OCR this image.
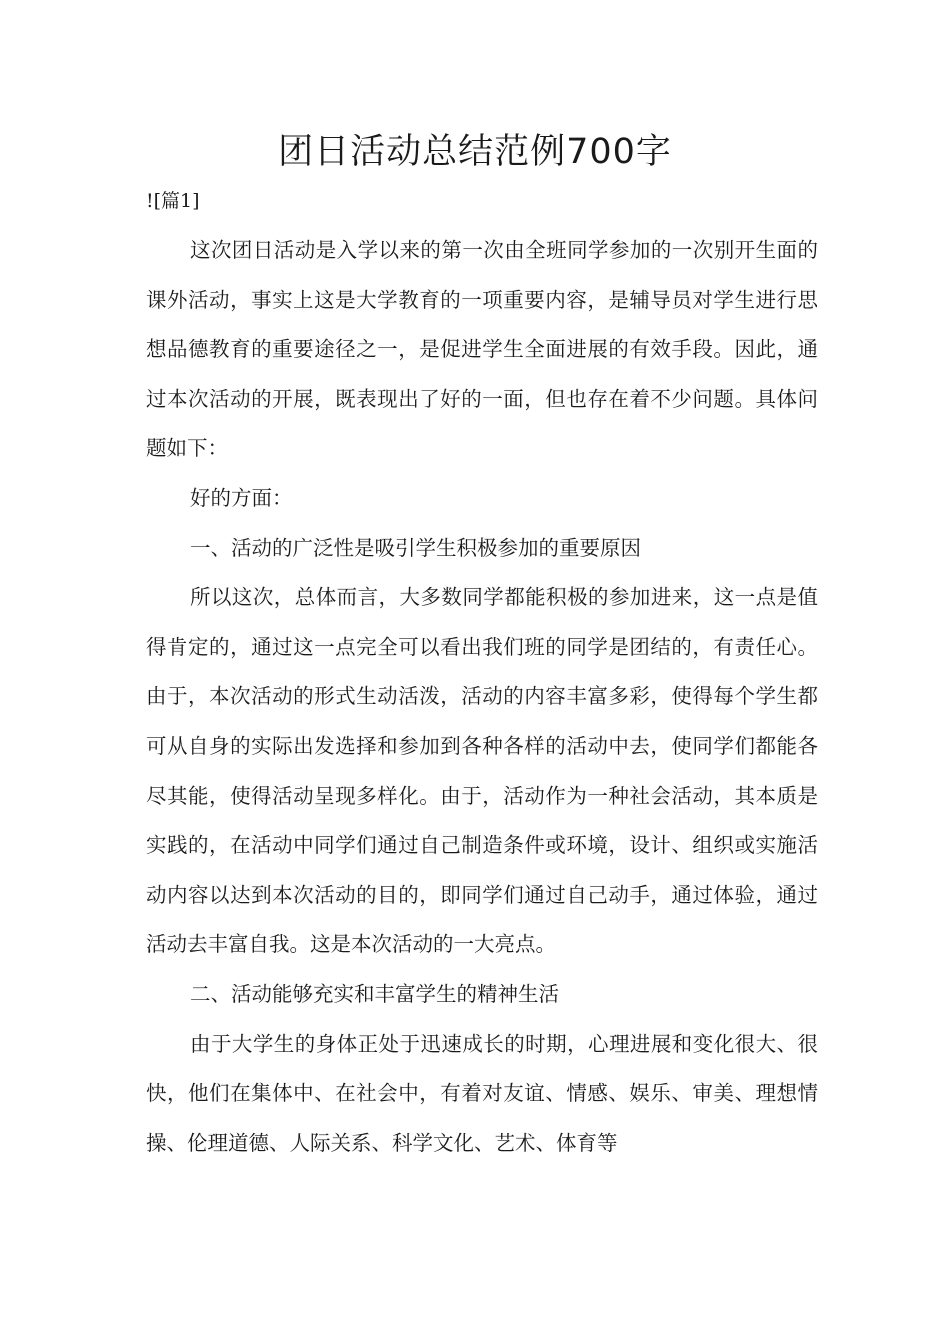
团日活动总结范例700字

![篇1]

这次团日活动是入学以来的第一次由全班同学参加的一次别开生面的课外活动，事实上这是大学教育的一项重要内容，是辅导员对学生进行思想品德教育的重要途径之一，是促进学生全面进展的有效手段。因此，通过本次活动的开展，既表现出了好的一面，但也存在着不少问题。具体问题如下：

好的方面：

一、活动的广泛性是吸引学生积极参加的重要原因

所以这次，总体而言，大多数同学都能积极的参加进来，这一点是值得肯定的，通过这一点完全可以看出我们班的同学是团结的，有责任心。由于，本次活动的形式生动活泼，活动的内容丰富多彩，使得每个学生都可从自身的实际出发选择和参加到各种各样的活动中去，使同学们都能各尽其能，使得活动呈现多样化。由于，活动作为一种社会活动，其本质是实践的，在活动中同学们通过自己制造条件或环境，设计、组织或实施活动内容以达到本次活动的目的，即同学们通过自己动手，通过体验，通过活动去丰富自我。这是本次活动的一大亮点。

二、活动能够充实和丰富学生的精神生活

由于大学生的身体正处于迅速成长的时期，心理进展和变化很大、很快，他们在集体中、在社会中，有着对友谊、情感、娱乐、审美、理想情操、伦理道德、人际关系、科学文化、艺术、体育等
